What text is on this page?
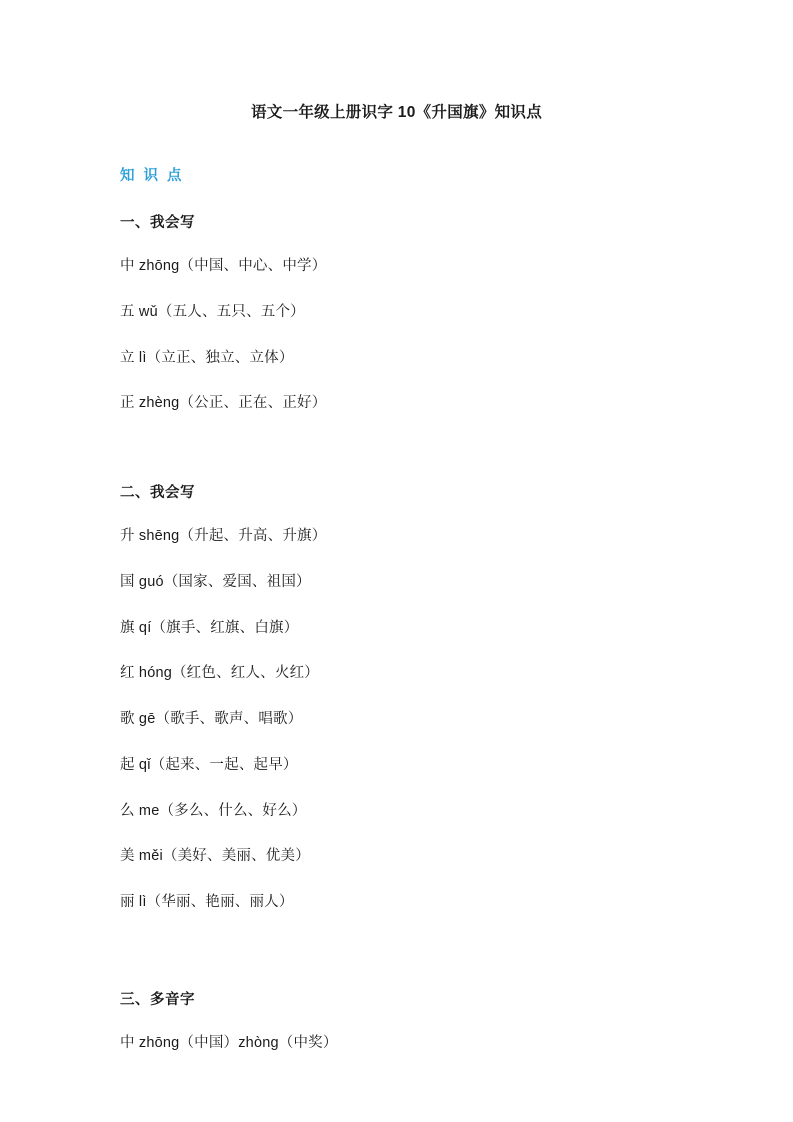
语文一年级上册识字 10《升国旗》知识点
知 识 点
一、我会写
中 zhōng（中国、中心、中学）
五 wǔ（五人、五只、五个）
立 lì（立正、独立、立体）
正 zhèng（公正、正在、正好）
二、我会写
升 shēng（升起、升高、升旗）
国 guó（国家、爱国、祖国）
旗 qí（旗手、红旗、白旗）
红 hóng（红色、红人、火红）
歌 gē（歌手、歌声、唱歌）
起 qǐ（起来、一起、起早）
么 me（多么、什么、好么）
美 měi（美好、美丽、优美）
丽 lì（华丽、艳丽、丽人）
三、多音字
中 zhōng（中国）zhòng（中奖）
